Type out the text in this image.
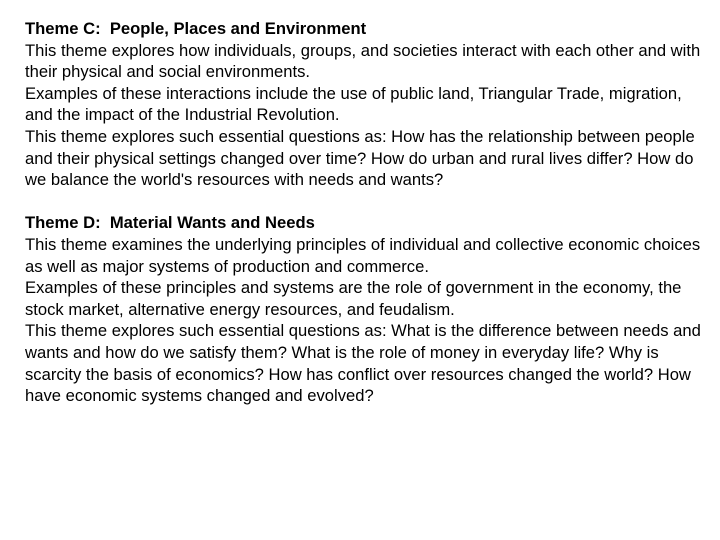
Theme C:  People, Places and Environment

This theme explores how individuals, groups, and societies interact with each other and with their physical and social environments.

Examples of these interactions include the use of public land, Triangular Trade, migration, and the impact of the Industrial Revolution.

This theme explores such essential questions as: How has the relationship between people and their physical settings changed over time? How do urban and rural lives differ? How do we balance the world's resources with needs and wants?

Theme D:  Material Wants and Needs

This theme examines the underlying principles of individual and collective economic choices as well as major systems of production and commerce.

Examples of these principles and systems are the role of government in the economy, the stock market, alternative energy resources, and feudalism.

This theme explores such essential questions as: What is the difference between needs and wants and how do we satisfy them? What is the role of money in everyday life? Why is scarcity the basis of economics? How has conflict over resources changed the world? How have economic systems changed and evolved?
